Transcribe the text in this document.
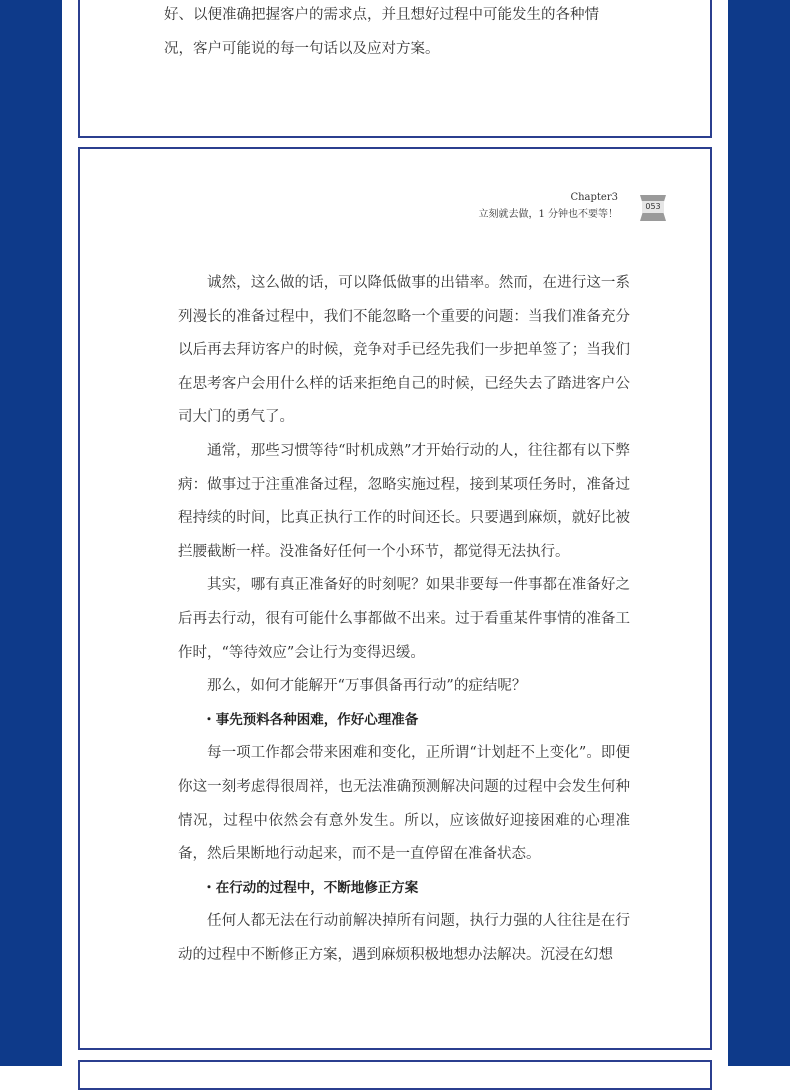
好、以便准确把握客户的需求点，并且想好过程中可能发生的各种情

况，客户可能说的每一句话以及应对方案。

Chapter3
立刻就去做，1 分钟也不要等！
053

诚然，这么做的话，可以降低做事的出错率。然而，在进行这一系列漫长的准备过程中，我们不能忽略一个重要的问题：当我们准备充分以后再去拜访客户的时候，竞争对手已经先我们一步把单签了；当我们在思考客户会用什么样的话来拒绝自己的时候，已经失去了踏进客户公司大门的勇气了。

通常，那些习惯等待“时机成熟”才开始行动的人，往往都有以下弊病：做事过于注重准备过程，忽略实施过程，接到某项任务时，准备过程持续的时间，比真正执行工作的时间还长。只要遇到麻烦，就好比被拦腰截断一样。没准备好任何一个小环节，都觉得无法执行。

其实，哪有真正准备好的时刻呢？如果非要每一件事都在准备好之后再去行动，很有可能什么事都做不出来。过于看重某件事情的准备工作时，“等待效应”会让行为变得迟缓。

那么，如何才能解开“万事俱备再行动”的症结呢？

・事先预料各种困难，作好心理准备

每一项工作都会带来困难和变化，正所谓“计划赶不上变化”。即便你这一刻考虑得很周祥，也无法准确预测解决问题的过程中会发生何种情况，过程中依然会有意外发生。所以，应该做好迎接困难的心理准备，然后果断地行动起来，而不是一直停留在准备状态。

・在行动的过程中，不断地修正方案

任何人都无法在行动前解决掉所有问题，执行力强的人往往是在行动的过程中不断修正方案，遇到麻烦积极地想办法解决。沉浸在幻想
